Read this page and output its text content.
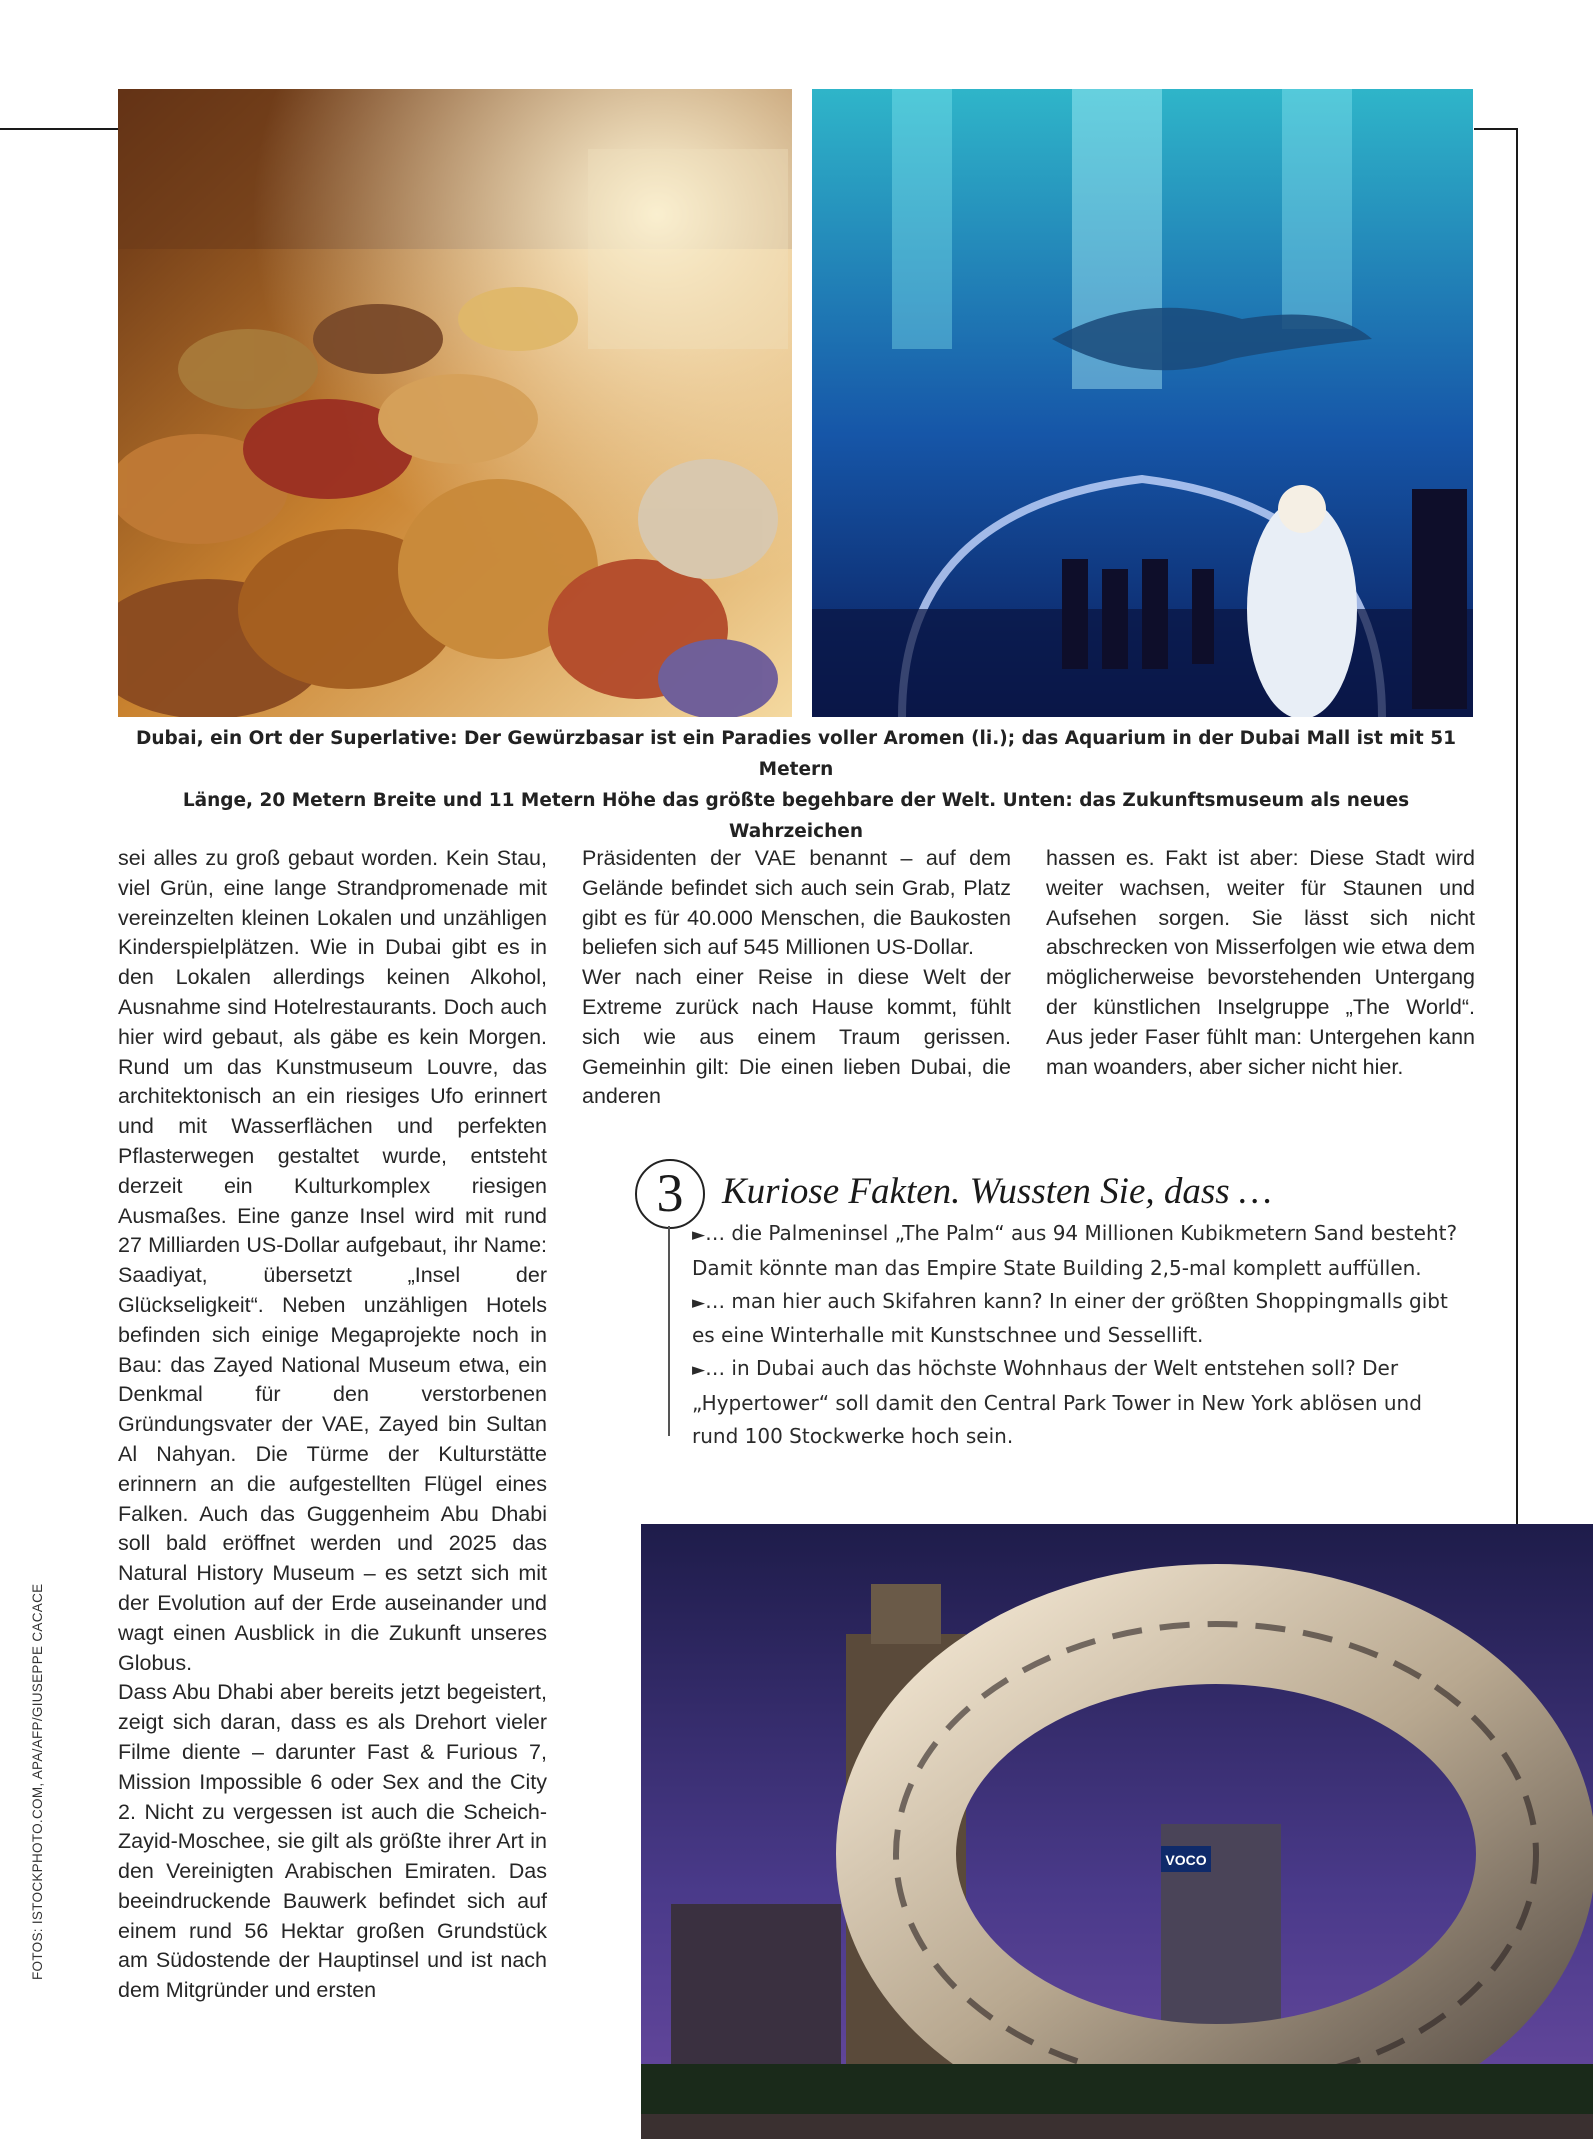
Dubai, ein Ort der Superlative: Der Gewürzbasar ist ein Paradies voller Aromen (li.); das Aquarium in der Dubai Mall ist mit 51 Metern
Länge, 20 Metern Breite und 11 Metern Höhe das größte begehbare der Welt. Unten: das Zukunftsmuseum als neues Wahrzeichen
FOTOS: ISTOCKPHOTO.COM, APA/AFP/GIUSEPPE CACACE

sei alles zu groß gebaut worden. Kein Stau, viel Grün, eine lange Strandpromenade mit vereinzelten kleinen Lokalen und unzähligen Kinderspielplätzen. Wie in Dubai gibt es in den Lokalen allerdings keinen Alkohol, Ausnahme sind Hotelrestaurants. Doch auch hier wird gebaut, als gäbe es kein Morgen. Rund um das Kunstmuseum Louvre, das architektonisch an ein riesiges Ufo erinnert und mit Wasserflächen und perfekten Pflasterwegen gestaltet wurde, entsteht derzeit ein Kulturkomplex riesigen Ausmaßes. Eine ganze Insel wird mit rund 27 Milliarden US-Dollar aufgebaut, ihr Name: Saadiyat, übersetzt „Insel der Glückseligkeit“. Neben unzähligen Hotels befinden sich einige Megaprojekte noch in Bau: das Zayed National Museum etwa, ein Denkmal für den verstorbenen Gründungsvater der VAE, Zayed bin Sultan Al Nahyan. Die Türme der Kulturstätte erinnern an die aufgestellten Flügel eines Falken. Auch das Guggenheim Abu Dhabi soll bald eröffnet werden und 2025 das Natural History Museum – es setzt sich mit der Evolution auf der Erde auseinander und wagt einen Ausblick in die Zukunft unseres Globus.

Dass Abu Dhabi aber bereits jetzt begeistert, zeigt sich daran, dass es als Drehort vieler Filme diente – darunter Fast & Furious 7, Mission Impossible 6 oder Sex and the City 2. Nicht zu vergessen ist auch die Scheich-Zayid-Moschee, sie gilt als größte ihrer Art in den Vereinigten Arabischen Emiraten. Das beeindruckende Bauwerk befindet sich auf einem rund 56 Hektar großen Grundstück am Südostende der Hauptinsel und ist nach dem Mitgründer und ersten

Präsidenten der VAE benannt – auf dem Gelände befindet sich auch sein Grab, Platz gibt es für 40.000 Menschen, die Baukosten beliefen sich auf 545 Millionen US-Dollar.

Wer nach einer Reise in diese Welt der Extreme zurück nach Hause kommt, fühlt sich wie aus einem Traum gerissen. Gemeinhin gilt: Die einen lieben Dubai, die anderen

hassen es. Fakt ist aber: Diese Stadt wird weiter wachsen, weiter für Staunen und Aufsehen sorgen. Sie lässt sich nicht abschrecken von Misserfolgen wie etwa dem möglicherweise bevorstehenden Untergang der künstlichen Inselgruppe „The World“. Aus jeder Faser fühlt man: Untergehen kann man woanders, aber sicher nicht hier.

3	Kuriose Fakten. Wussten Sie, dass …

►… die Palmeninsel „The Palm“ aus 94 Millionen Kubikmetern Sand besteht? Damit könnte man das Empire State Building 2,5-mal komplett auffüllen.

►… man hier auch Skifahren kann? In einer der größten Shoppingmalls gibt es eine Winterhalle mit Kunstschnee und Sessellift.

►… in Dubai auch das höchste Wohnhaus der Welt entstehen soll? Der „Hypertower“ soll damit den Central Park Tower in New York ablösen und rund 100 Stockwerke hoch sein.

VOCO
